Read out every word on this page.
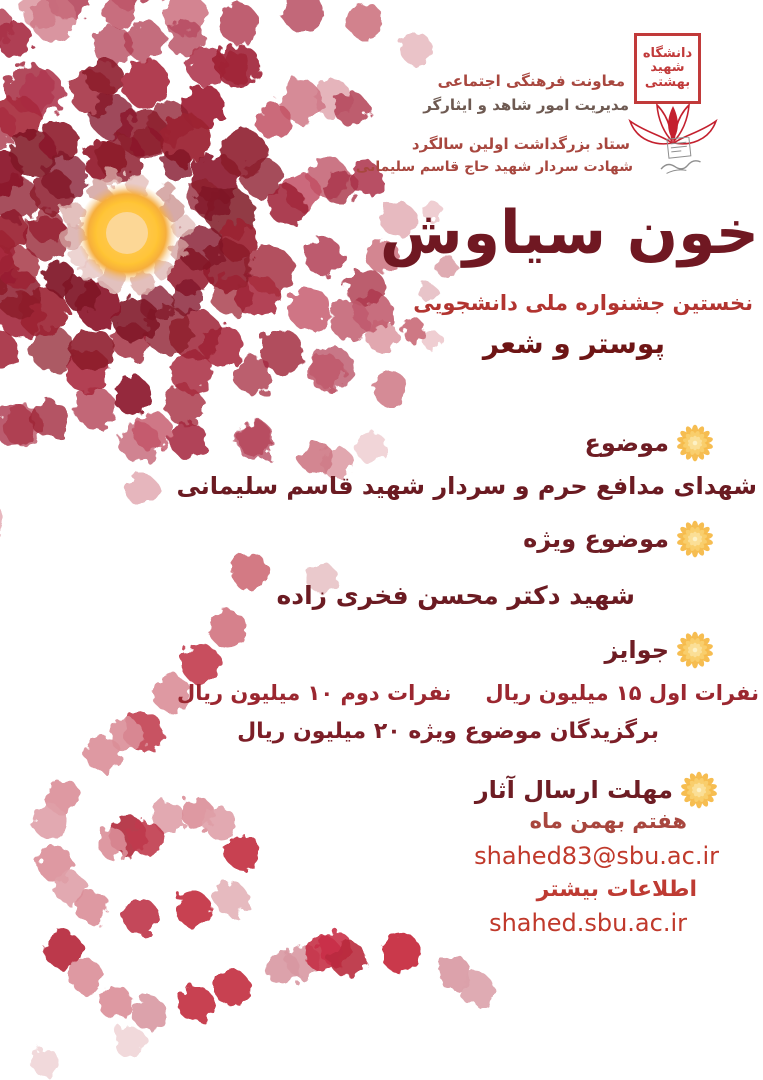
معاونت فرهنگی اجتماعی
مدیریت امور شاهد و ایثارگر
ستاد بزرگداشت اولین سالگرد
شهادت سردار شهید حاج قاسم سلیمانی
دانشگاه
شهید
بهشتی
خون سیاوش
نخستین جشنواره ملی دانشجویی
پوستر و شعر
موضوع
شهدای مدافع حرم و سردار شهید قاسم سلیمانی
موضوع ویژه
شهید دکتر محسن فخری زاده
جوایز
نفرات اول ۱۵ میلیون ریال
نفرات دوم ۱۰ میلیون ریال
برگزیدگان موضوع ویژه ۲۰ میلیون ریال
مهلت ارسال آثار
هفتم بهمن ماه
shahed83@sbu.ac.ir
اطلاعات بیشتر
shahed.sbu.ac.ir
